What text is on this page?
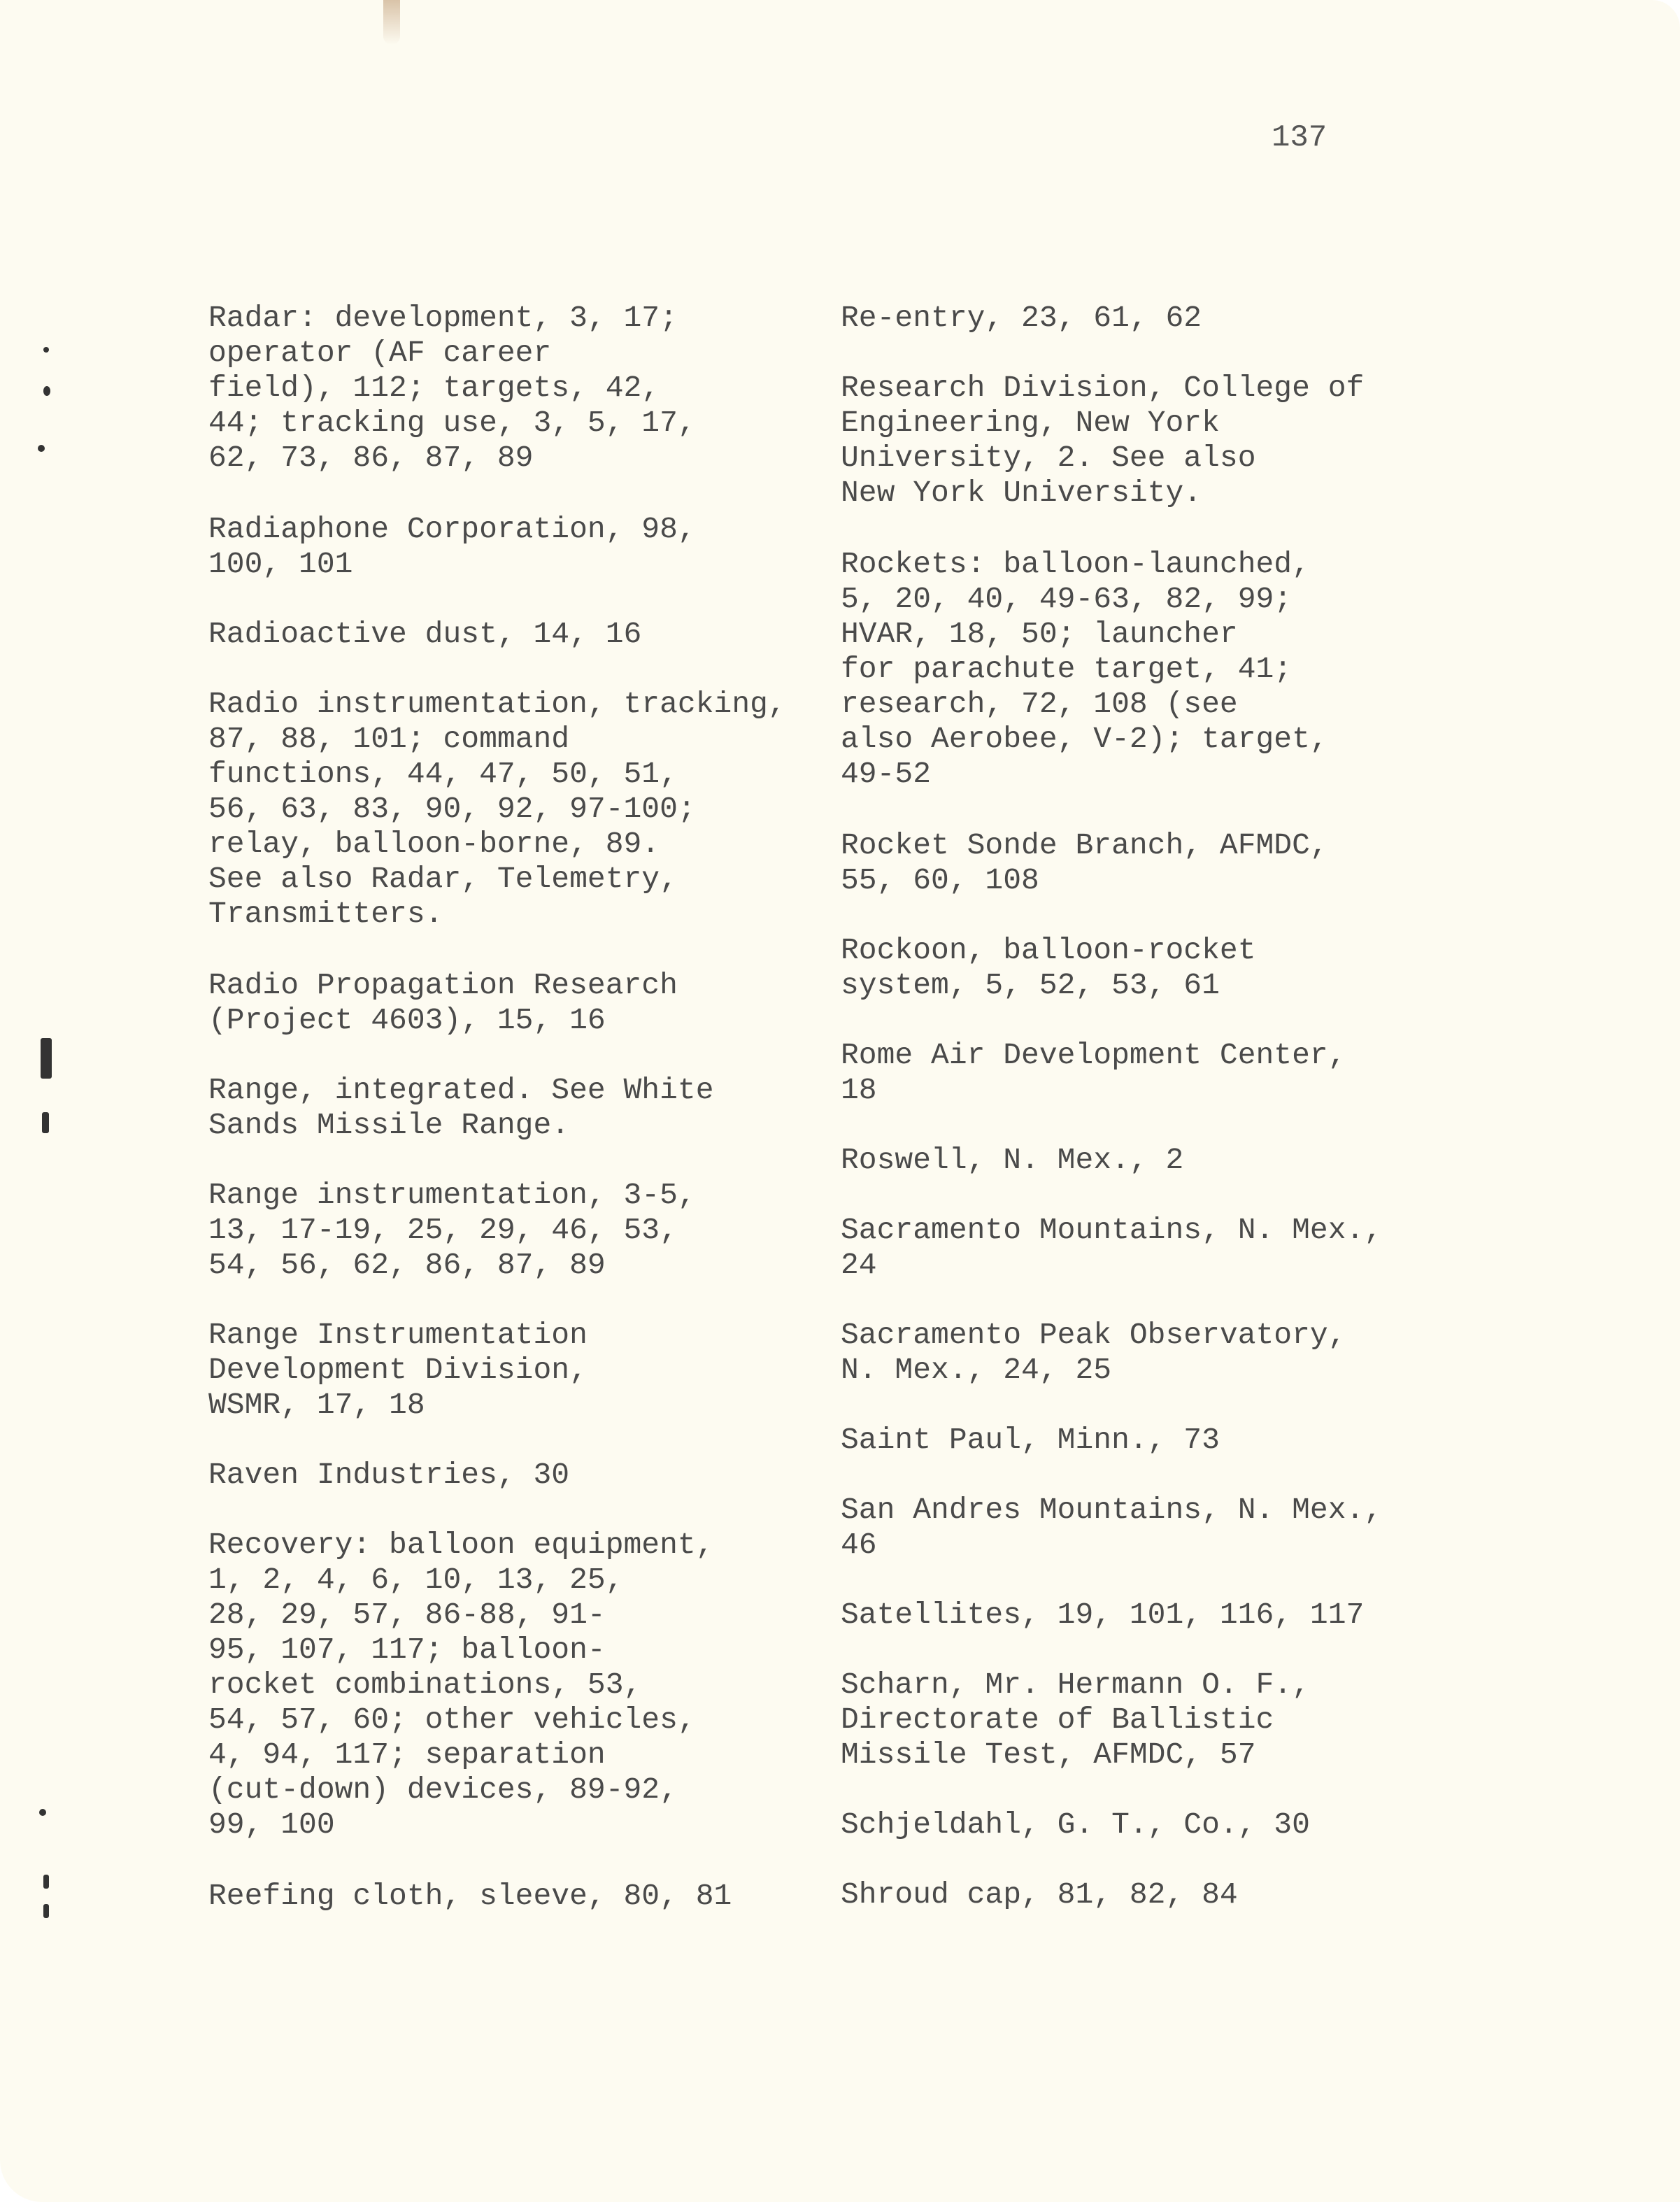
137

Radar: development, 3, 17;
operator (AF career
field), 112; targets, 42,
44; tracking use, 3, 5, 17,
62, 73, 86, 87, 89

Radiaphone Corporation, 98,
100, 101

Radioactive dust, 14, 16

Radio instrumentation, tracking,
87, 88, 101; command
functions, 44, 47, 50, 51,
56, 63, 83, 90, 92, 97-100;
relay, balloon-borne, 89.
See also Radar, Telemetry,
Transmitters.

Radio Propagation Research
(Project 4603), 15, 16

Range, integrated. See White
Sands Missile Range.

Range instrumentation, 3-5,
13, 17-19, 25, 29, 46, 53,
54, 56, 62, 86, 87, 89

Range Instrumentation
Development Division,
WSMR, 17, 18

Raven Industries, 30

Recovery: balloon equipment,
1, 2, 4, 6, 10, 13, 25,
28, 29, 57, 86-88, 91-
95, 107, 117; balloon-
rocket combinations, 53,
54, 57, 60; other vehicles,
4, 94, 117; separation
(cut-down) devices, 89-92,
99, 100

Reefing cloth, sleeve, 80, 81

Re-entry, 23, 61, 62

Research Division, College of
Engineering, New York
University, 2. See also
New York University.

Rockets: balloon-launched,
5, 20, 40, 49-63, 82, 99;
HVAR, 18, 50; launcher
for parachute target, 41;
research, 72, 108 (see
also Aerobee, V-2); target,
49-52

Rocket Sonde Branch, AFMDC,
55, 60, 108

Rockoon, balloon-rocket
system, 5, 52, 53, 61

Rome Air Development Center,
18

Roswell, N. Mex., 2

Sacramento Mountains, N. Mex.,
24

Sacramento Peak Observatory,
N. Mex., 24, 25

Saint Paul, Minn., 73

San Andres Mountains, N. Mex.,
46

Satellites, 19, 101, 116, 117

Scharn, Mr. Hermann O. F.,
Directorate of Ballistic
Missile Test, AFMDC, 57

Schjeldahl, G. T., Co., 30

Shroud cap, 81, 82, 84
